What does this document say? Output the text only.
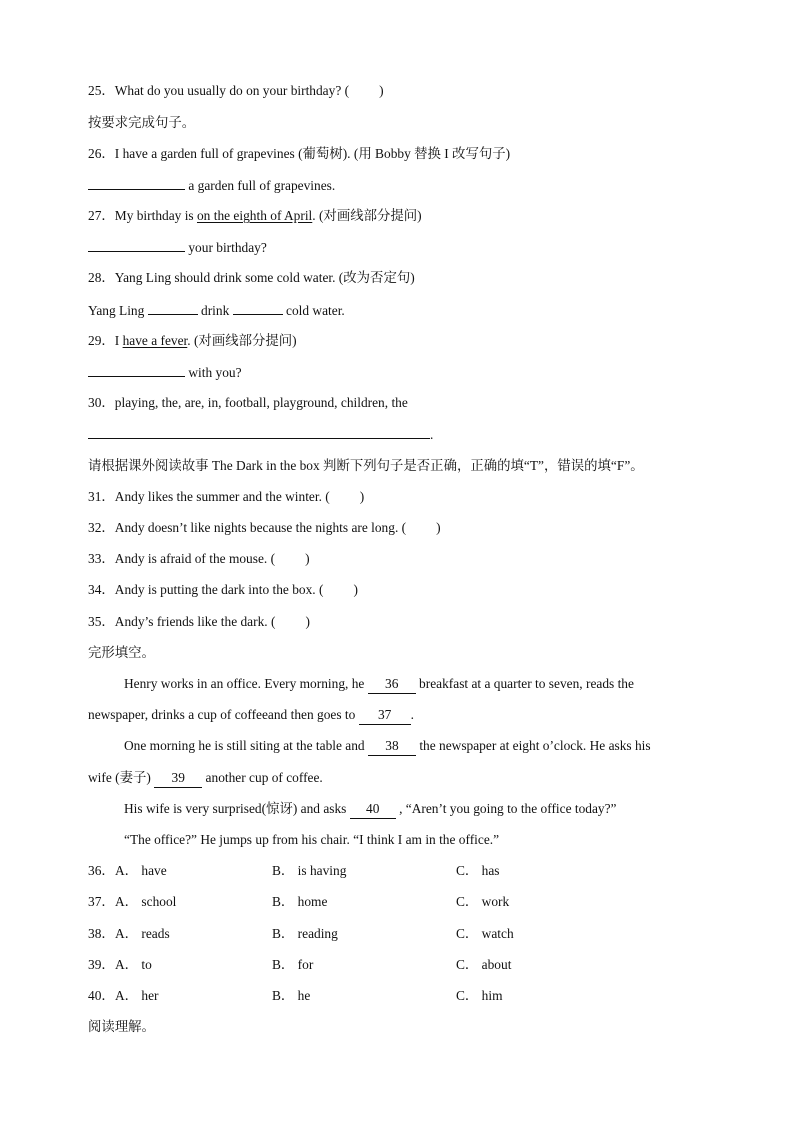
25．What do you usually do on your birthday? ( )
按要求完成句子。
26．I have a garden full of grapevines (葡萄树). (用 Bobby 替换 I 改写句子)
a garden full of grapevines.
27．My birthday is on the eighth of April. (对画线部分提问)
your birthday?
28．Yang Ling should drink some cold water. (改为否定句)
Yang Ling	drink	cold water.
29．I have a fever. (对画线部分提问)
with you?
30．playing, the, are, in, football, playground, children, the
.
请根据课外阅读故事 The Dark in the box 判断下列句子是否正确，正确的填“T”，错误的填“F”。
31．Andy likes the summer and the winter. ( )
32．Andy doesn’t like nights because the nights are long. ( )
33．Andy is afraid of the mouse. ( )
34．Andy is putting the dark into the box. ( )
35．Andy’s friends like the dark. ( )
完形填空。
Henry works in an office. Every morning, he 36 breakfast at a quarter to seven, reads the
newspaper, drinks a cup of coffeeand then goes to 37 .
One morning he is still siting at the table and 38 the newspaper at eight o’clock. He asks his
wife (妻子) 39 another cup of coffee.
His wife is very surprised(惊讶) and asks 40 , “Aren’t you going to the office today?”
“The office?” He jumps up from his chair. “I think I am in the office.”
36． A． have	B． is having	C． has
37． A． school	B． home	C． work
38． A． reads	B． reading	C． watch
39． A． to	B． for	C． about
40． A． her	B． he	C． him
阅读理解。
